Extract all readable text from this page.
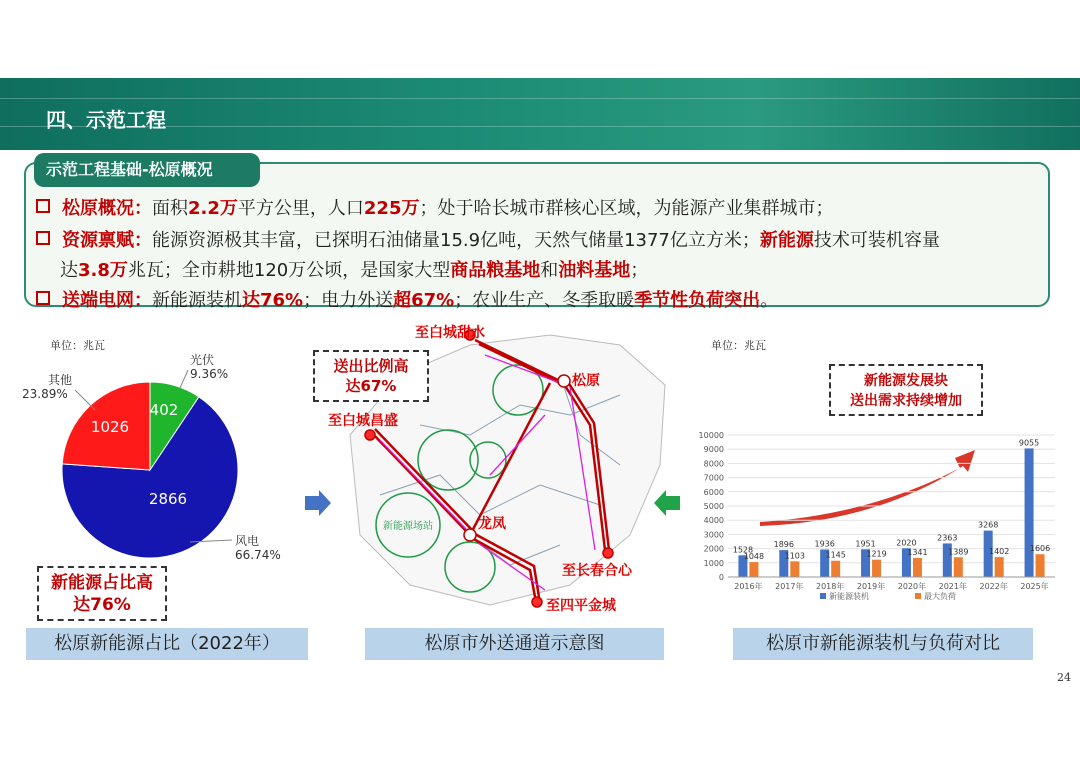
四、示范工程
示范工程基础-松原概况
松原概况：面积2.2万平方公里，人口225万；处于哈长城市群核心区域，为能源产业集群城市；
资源禀赋：能源资源极其丰富，已探明石油储量15.9亿吨，天然气储量1377亿立方米；新能源技术可装机容量
达3.8万兆瓦；全市耕地120万公顷，是国家大型商品粮基地和油料基地；
送端电网：新能源装机达76%；电力外送超67%；农业生产、冬季取暖季节性负荷突出。
单位：兆瓦
2866
风电
66.74%
1026
其他
23.89%
402
光伏
9.36%
新能源占比高
达76%
松原新能源占比（2022年）
新能源场站
至白城甜水
松原
至白城昌盛
龙凤
至长春合心
至四平金城
送出比例高
达67%
松原市外送通道示意图
单位：兆瓦
新能源发展块
送出需求持续增加
0
1000
2000
3000
4000
5000
6000
7000
8000
9000
10000
1528
1048
2016年
1896
1103
2017年
1936
1145
2018年
1951
1219
2019年
2020
1341
2020年
2363
1389
2021年
3268
1402
2022年
9055
1606
2025年
新能源装机	最大负荷
松原市新能源装机与负荷对比
24
